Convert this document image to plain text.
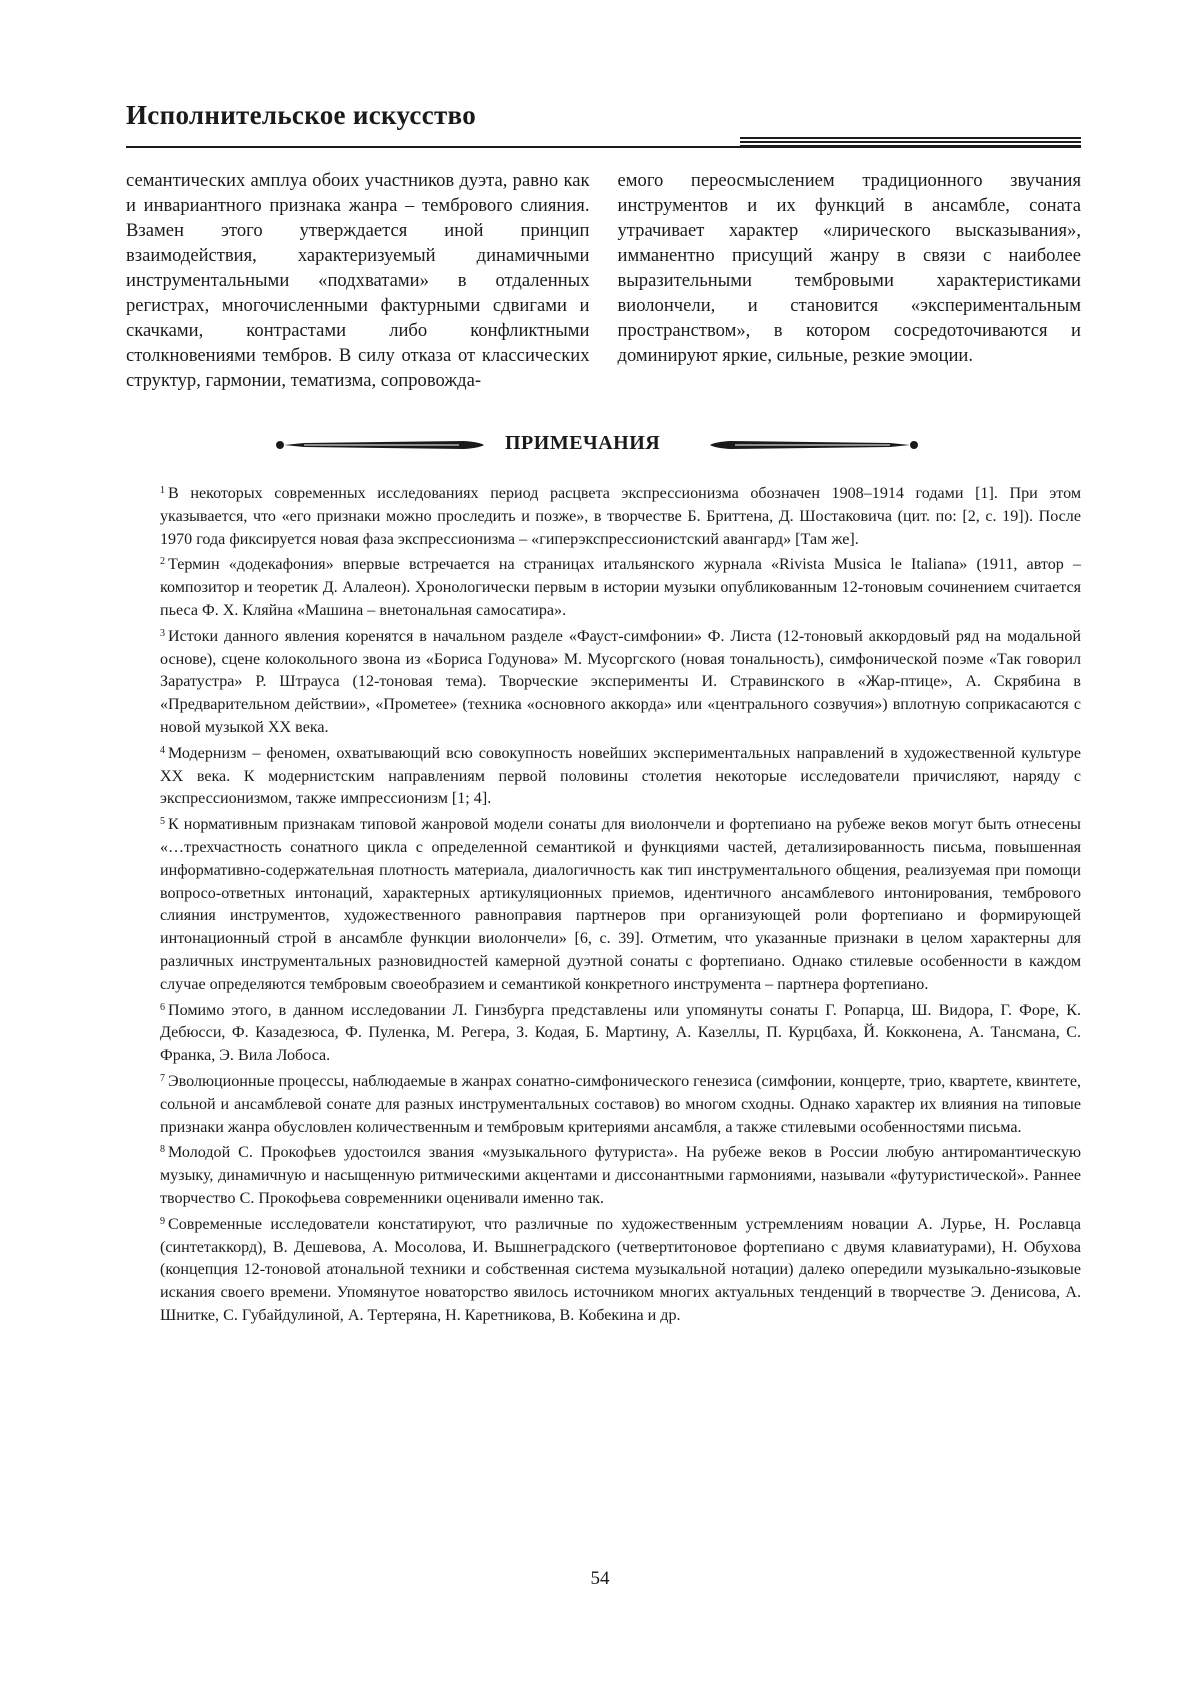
Исполнительское искусство
семантических амплуа обоих участников дуэта, равно как и инвариантного признака жанра – тембрового слияния. Взамен этого утверждается иной принцип взаимодействия, характеризуемый динамичными инструментальными «подхватами» в отдаленных регистрах, многочисленными фактурными сдвигами и скачками, контрастами либо конфликтными столкновениями тембров. В силу отказа от классических структур, гармонии, тематизма, сопровожда-
емого переосмыслением традиционного звучания инструментов и их функций в ансамбле, соната утрачивает характер «лирического высказывания», имманентно присущий жанру в связи с наиболее выразительными тембровыми характеристиками виолончели, и становится «экспериментальным пространством», в котором сосредоточиваются и доминируют яркие, сильные, резкие эмоции.
ПРИМЕЧАНИЯ

$^1$ В некоторых современных исследованиях период расцвета экспрессионизма обозначен 1908–1914 годами [1]. При этом указывается, что «его признаки можно проследить и позже», в творчестве Б. Бриттена, Д. Шостаковича (цит. по: [2, с. 19]). После 1970 года фиксируется новая фаза экспрессионизма – «гиперэкспрессионистский авангард» [Там же].

$^2$ Термин «додекафония» впервые встречается на страницах итальянского журнала «Rivista Musica le Italiana» (1911, автор – композитор и теоретик Д. Алалеон). Хронологически первым в истории музыки опубликованным 12-тоновым сочинением считается пьеса Ф. Х. Кляйна «Машина – внетональная самосатира».

$^3$ Истоки данного явления коренятся в начальном разделе «Фауст-симфонии» Ф. Листа (12-тоновый аккордовый ряд на модальной основе), сцене колокольного звона из «Бориса Годунова» М. Мусоргского (новая тональность), симфонической поэме «Так говорил Заратустра» Р. Штрауса (12-тоновая тема). Творческие эксперименты И. Стравинского в «Жар-птице», А. Скрябина в «Предварительном действии», «Прометее» (техника «основного аккорда» или «центрального созвучия») вплотную соприкасаются с новой музыкой XX века.

$^4$ Модернизм – феномен, охватывающий всю совокупность новейших экспериментальных направлений в художественной культуре XX века. К модернистским направлениям первой половины столетия некоторые исследователи причисляют, наряду с экспрессионизмом, также импрессионизм [1; 4].

$^5$ К нормативным признакам типовой жанровой модели сонаты для виолончели и фортепиано на рубеже веков могут быть отнесены «…трехчастность сонатного цикла с определенной семантикой и функциями частей, детализированность письма, повышенная информативно-содержательная плотность материала, диалогичность как тип инструментального общения, реализуемая при помощи вопросо-ответных интонаций, характерных артикуляционных приемов, идентичного ансамблевого интонирования, тембрового слияния инструментов, художественного равноправия партнеров при организующей роли фортепиано и формирующей интонационный строй в ансамбле функции виолончели» [6, с. 39]. Отметим, что указанные признаки в целом характерны для различных инструментальных разновидностей камерной дуэтной сонаты с фортепиано. Однако стилевые особенности в каждом случае определяются тембровым своеобразием и семантикой конкретного инструмента – партнера фортепиано.

$^6$ Помимо этого, в данном исследовании Л. Гинзбурга представлены или упомянуты сонаты Г. Ропарца, Ш. Видора, Г. Форе, К. Дебюсси, Ф. Казадезюса, Ф. Пуленка, М. Регера, З. Кодая, Б. Мартину, А. Казеллы, П. Курцбаха, Й. Кокконена, А. Тансмана, С. Франка, Э. Вила Лобоса.

$^7$ Эволюционные процессы, наблюдаемые в жанрах сонатно-симфонического генезиса (симфонии, концерте, трио, квартете, квинтете, сольной и ансамблевой сонате для разных инструментальных составов) во многом сходны. Однако характер их влияния на типовые признаки жанра обусловлен количественным и тембровым критериями ансамбля, а также стилевыми особенностями письма.

$^8$ Молодой С. Прокофьев удостоился звания «музыкального футуриста». На рубеже веков в России любую антиромантическую музыку, динамичную и насыщенную ритмическими акцентами и диссонантными гармониями, называли «футуристической». Раннее творчество С. Прокофьева современники оценивали именно так.

$^9$ Современные исследователи констатируют, что различные по художественным устремлениям новации А. Лурье, Н. Рославца (синтетаккорд), В. Дешевова, А. Мосолова, И. Вышнеградского (четвертитоновое фортепиано с двумя клавиатурами), Н. Обухова (концепция 12-тоновой атональной техники и собственная система музыкальной нотации) далеко опередили музыкально-языковые искания своего времени. Упомянутое новаторство явилось источником многих актуальных тенденций в творчестве Э. Денисова, А. Шнитке, С. Губайдулиной, А. Тертеряна, Н. Каретникова, В. Кобекина и др.

54
